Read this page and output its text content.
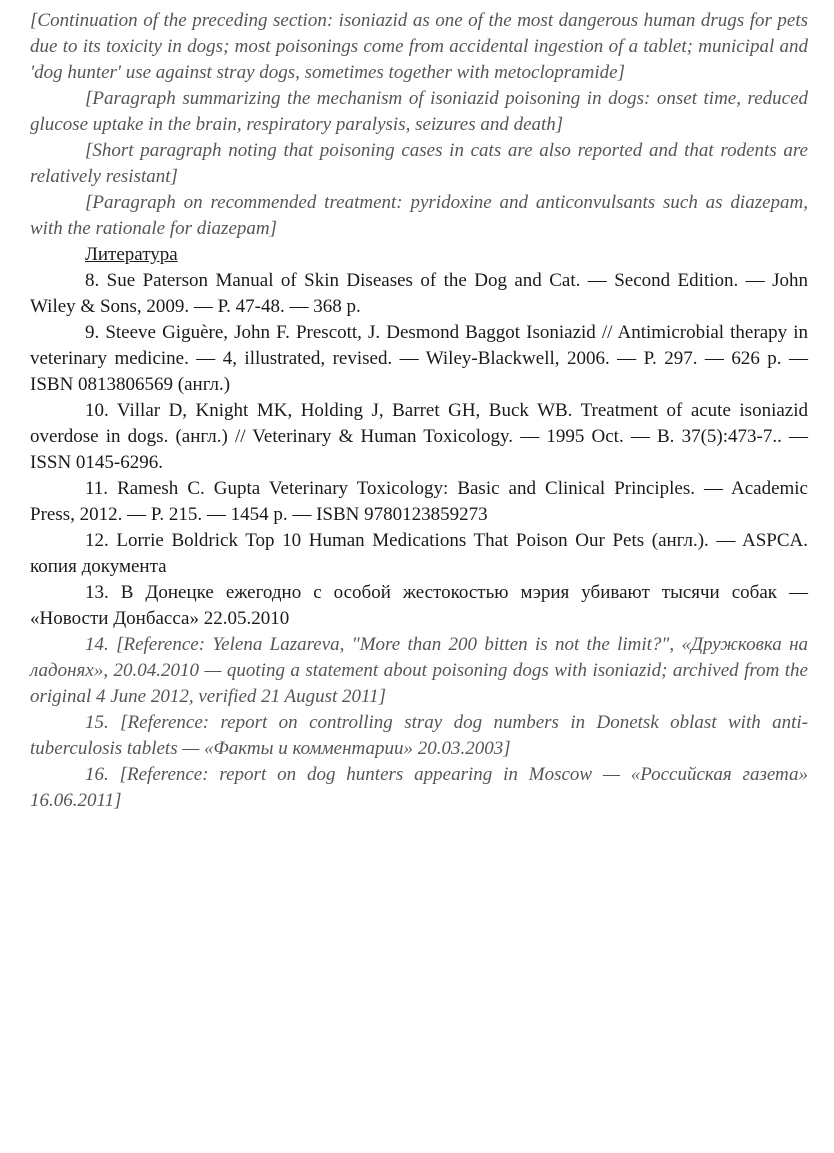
[Continuation of the preceding section: isoniazid as one of the most dangerous human drugs for pets due to its toxicity in dogs; most poisonings come from accidental ingestion of a tablet; municipal and 'dog hunter' use against stray dogs, sometimes together with metoclopramide]

[Paragraph summarizing the mechanism of isoniazid poisoning in dogs: onset time, reduced glucose uptake in the brain, respiratory paralysis, seizures and death]

[Short paragraph noting that poisoning cases in cats are also reported and that rodents are relatively resistant]

[Paragraph on recommended treatment: pyridoxine and anticonvulsants such as diazepam, with the rationale for diazepam]

Литература

8. Sue Paterson Manual of Skin Diseases of the Dog and Cat. — Second Edition. — John Wiley & Sons, 2009. — P. 47-48. — 368 p.

9. Steeve Giguère, John F. Prescott, J. Desmond Baggot Isoniazid // Antimicrobial therapy in veterinary medicine. — 4, illustrated, revised. — Wiley-Blackwell, 2006. — P. 297. — 626 p. — ISBN 0813806569 (англ.)

10. Villar D, Knight MK, Holding J, Barret GH, Buck WB. Treatment of acute isoniazid overdose in dogs. (англ.) // Veterinary & Human Toxicology. — 1995 Oct. — B. 37(5):473-7.. — ISSN 0145-6296.

11. Ramesh C. Gupta Veterinary Toxicology: Basic and Clinical Principles. — Academic Press, 2012. — P. 215. — 1454 p. — ISBN 9780123859273

12. Lorrie Boldrick Top 10 Human Medications That Poison Our Pets (англ.). — ASPCA. копия документа

13. В Донецке ежегодно с особой жестокостью мэрия убивают тысячи собак — «Новости Донбасса» 22.05.2010

14. [Reference: Yelena Lazareva, "More than 200 bitten is not the limit?", «Дружковка на ладонях», 20.04.2010 — quoting a statement about poisoning dogs with isoniazid; archived from the original 4 June 2012, verified 21 August 2011]

15. [Reference: report on controlling stray dog numbers in Donetsk oblast with anti-tuberculosis tablets — «Факты и комментарии» 20.03.2003]

16. [Reference: report on dog hunters appearing in Moscow — «Российская газета» 16.06.2011]
